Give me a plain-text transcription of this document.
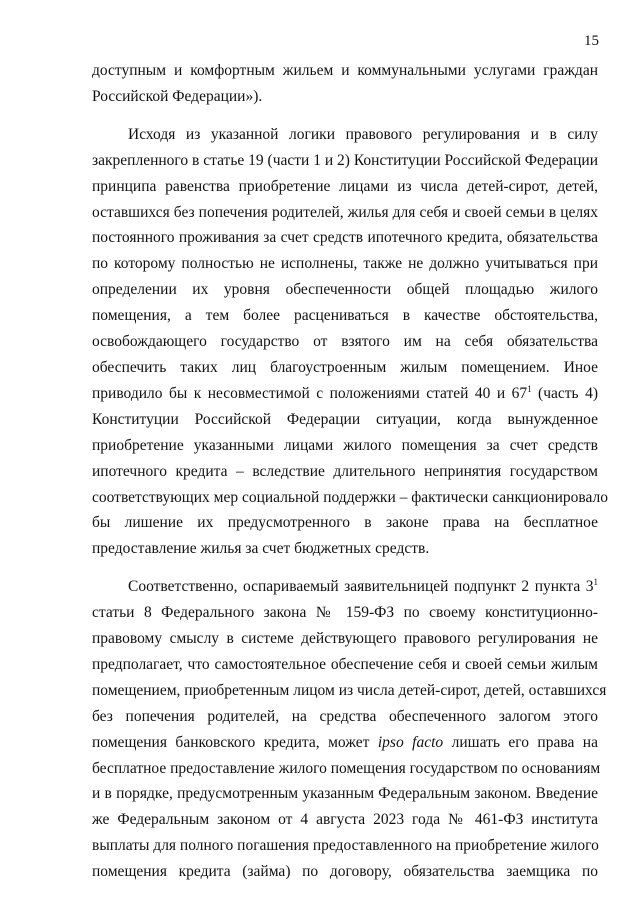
15
доступным и комфортным жильем и коммунальными услугами граждан
Российской Федерации»).
Исходя из указанной логики правового регулирования и в силу
закрепленного в статье 19 (части 1 и 2) Конституции Российской Федерации
принципа равенства приобретение лицами из числа детей-сирот, детей,
оставшихся без попечения родителей, жилья для себя и своей семьи в целях
постоянного проживания за счет средств ипотечного кредита, обязательства
по которому полностью не исполнены, также не должно учитываться при
определении их уровня обеспеченности общей площадью жилого
помещения, а тем более расцениваться в качестве обстоятельства,
освобождающего государство от взятого им на себя обязательства
обеспечить таких лиц благоустроенным жилым помещением. Иное
приводило бы к несовместимой с положениями статей 40 и $67^1$ (часть 4)
Конституции Российской Федерации ситуации, когда вынужденное
приобретение указанными лицами жилого помещения за счет средств
ипотечного кредита – вследствие длительного непринятия государством
соответствующих мер социальной поддержки – фактически санкционировало
бы лишение их предусмотренного в законе права на бесплатное
предоставление жилья за счет бюджетных средств.
Соответственно, оспариваемый заявительницей подпункт 2 пункта $3^1$
статьи 8 Федерального закона № 159-ФЗ по своему конституционно-
правовому смыслу в системе действующего правового регулирования не
предполагает, что самостоятельное обеспечение себя и своей семьи жилым
помещением, приобретенным лицом из числа детей-сирот, детей, оставшихся
без попечения родителей, на средства обеспеченного залогом этого
помещения банковского кредита, может ipso facto лишать его права на
бесплатное предоставление жилого помещения государством по основаниям
и в порядке, предусмотренным указанным Федеральным законом. Введение
же Федеральным законом от 4 августа 2023 года № 461-ФЗ института
выплаты для полного погашения предоставленного на приобретение жилого
помещения кредита (займа) по договору, обязательства заемщика по
